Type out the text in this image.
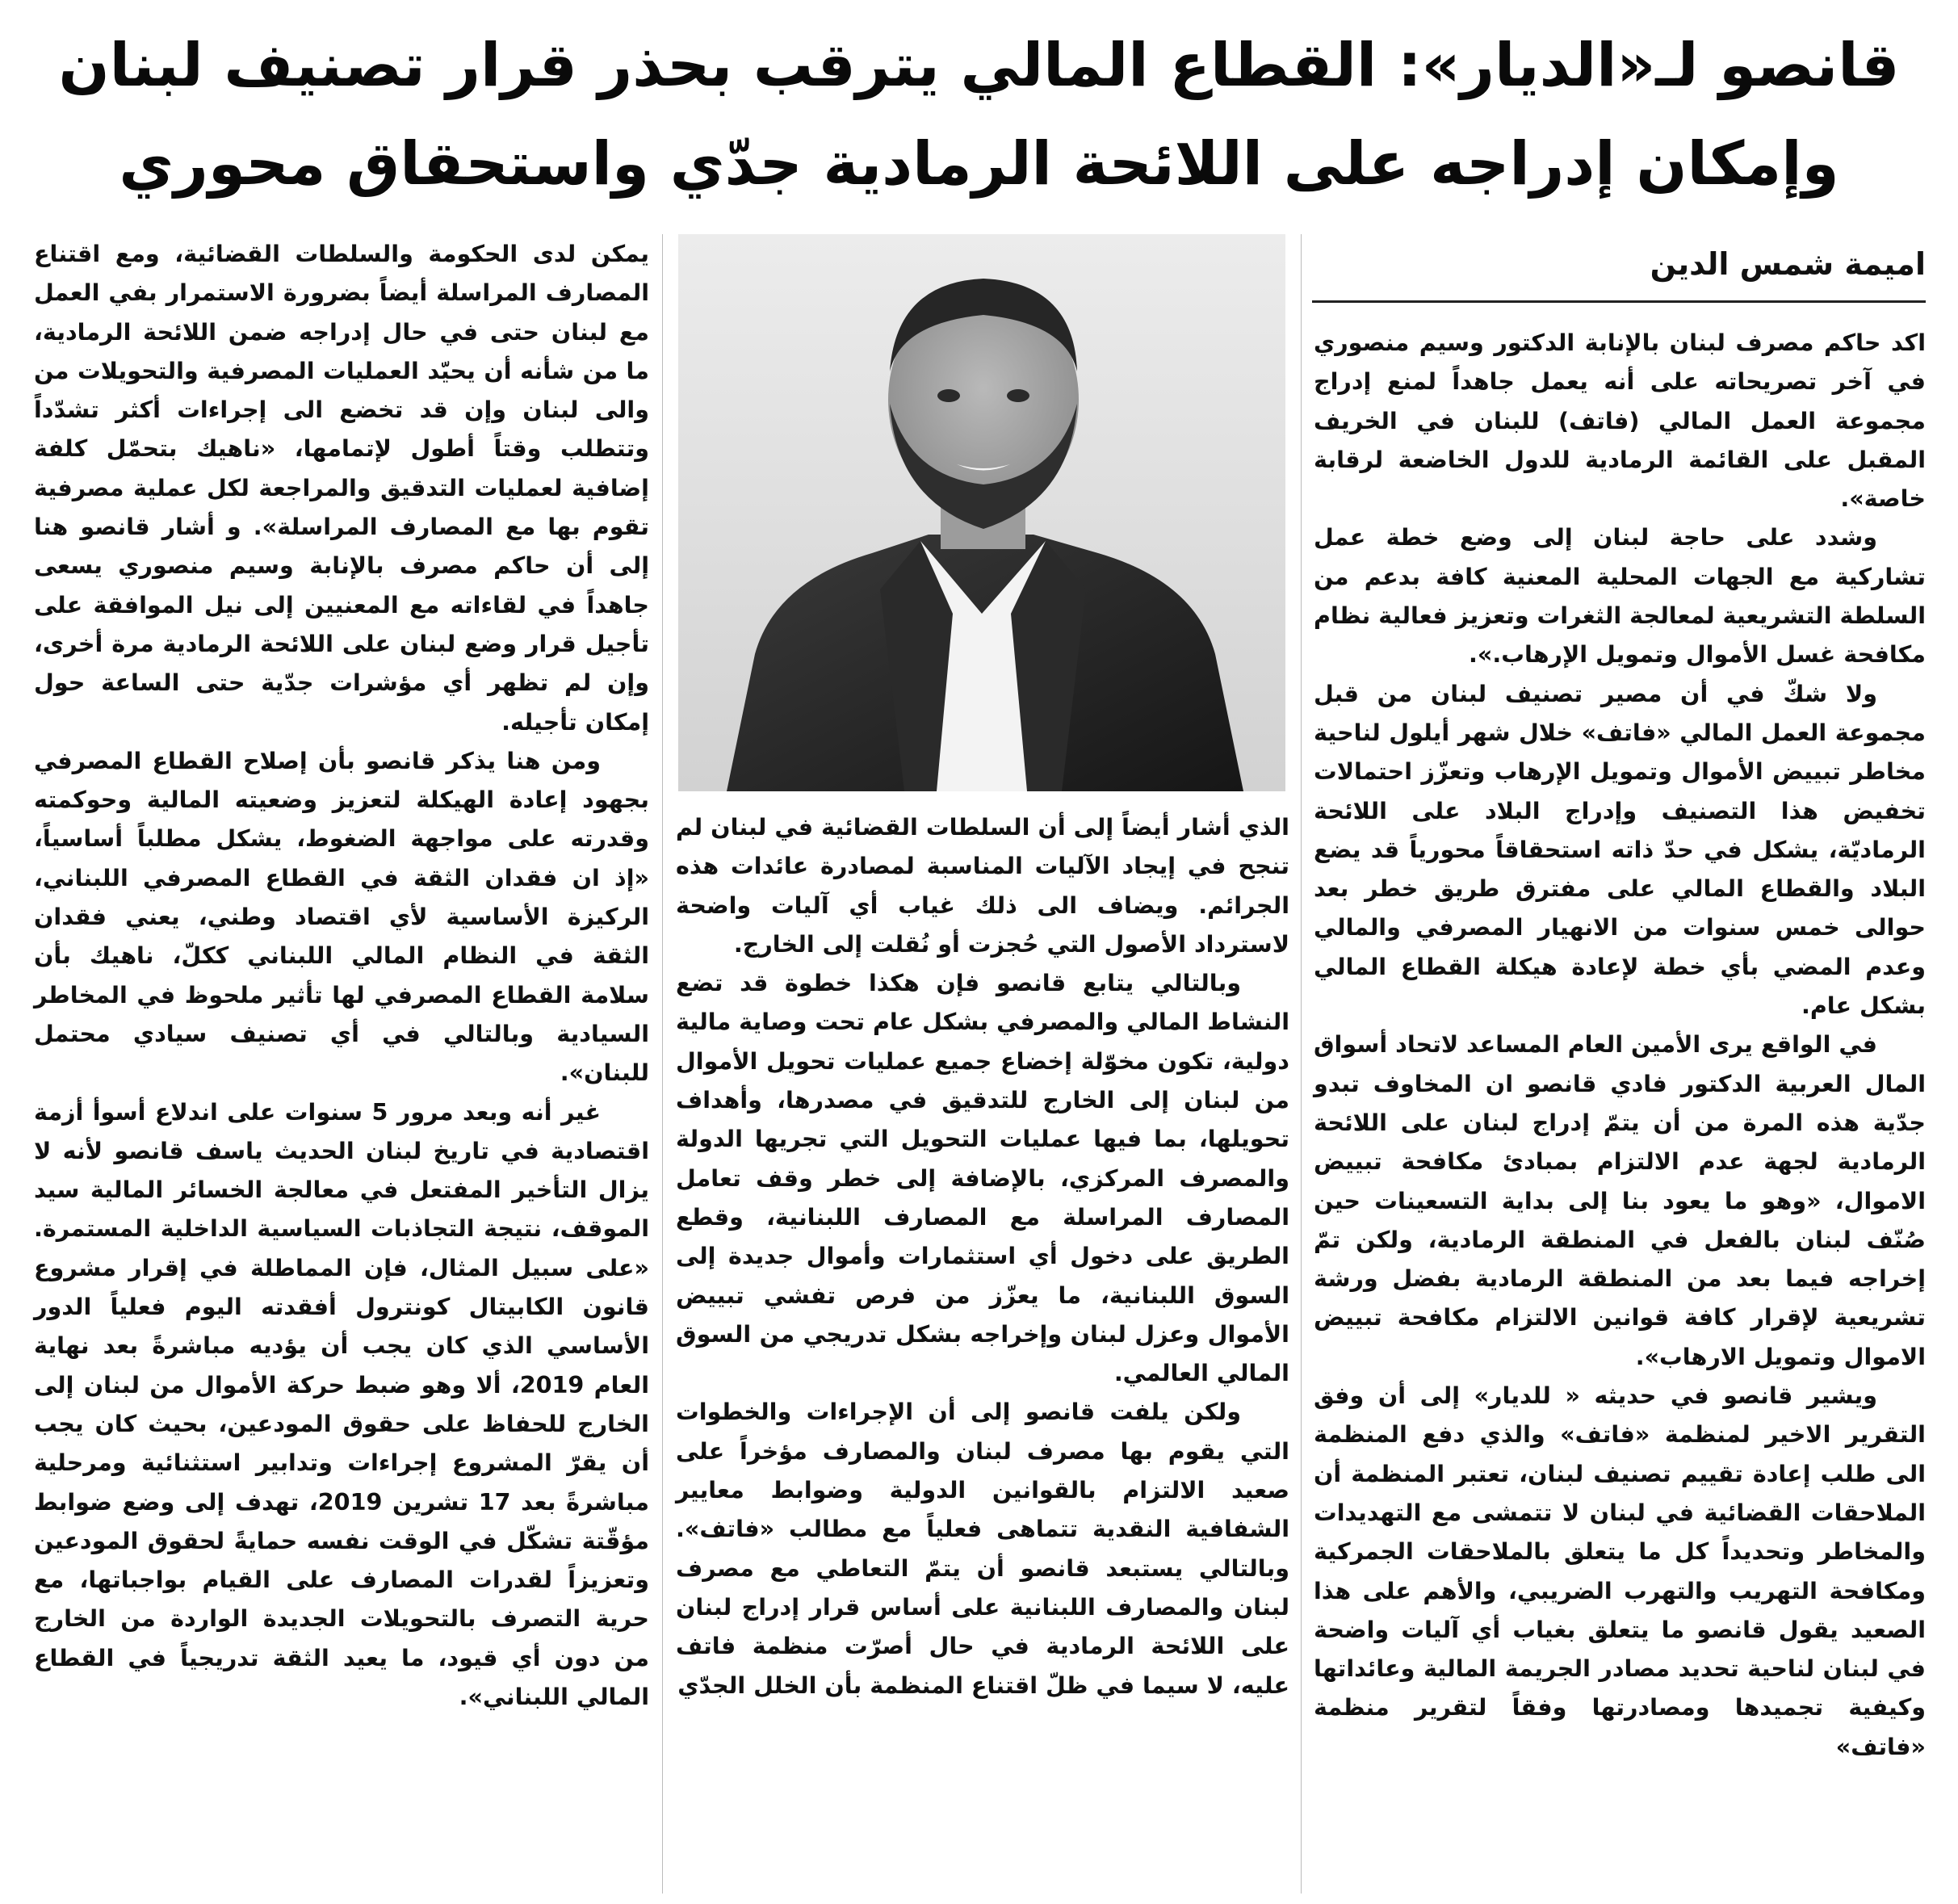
قانصو لـ«الديار»: القطاع المالي يترقب بحذر قرار تصنيف لبنان
وإمكان إدراجه على اللائحة الرمادية جدّي واستحقاق محوري
اميمة شمس الدين

اكد حاكم مصرف لبنان بالإنابة الدكتور وسيم منصوري في آخر تصريحاته على أنه يعمل جاهداً لمنع إدراج مجموعة العمل المالي (فاتف) للبنان في الخريف المقبل على القائمة الرمادية للدول الخاضعة لرقابة خاصة».

وشدد على حاجة لبنان إلى وضع خطة عمل تشاركية مع الجهات المحلية المعنية كافة بدعم من السلطة التشريعية لمعالجة الثغرات وتعزيز فعالية نظام مكافحة غسل الأموال وتمويل الإرهاب.».

ولا شكّ في أن مصير تصنيف لبنان من قبل مجموعة العمل المالي «فاتف» خلال شهر أيلول لناحية مخاطر تبييض الأموال وتمويل الإرهاب وتعزّز احتمالات تخفيض هذا التصنيف وإدراج البلاد على اللائحة الرماديّة، يشكل في حدّ ذاته استحقاقاً محورياً قد يضع البلاد والقطاع المالي على مفترق طريق خطر بعد حوالى خمس سنوات من الانهيار المصرفي والمالي وعدم المضي بأي خطة لإعادة هيكلة القطاع المالي بشكل عام.

في الواقع يرى الأمين العام المساعد لاتحاد أسواق المال العربية الدكتور فادي قانصو ان المخاوف تبدو جدّية هذه المرة من أن يتمّ إدراج لبنان على اللائحة الرمادية لجهة عدم الالتزام بمبادئ مكافحة تبييض الاموال، «وهو ما يعود بنا إلى بداية التسعينات حين صُنّف لبنان بالفعل في المنطقة الرمادية، ولكن تمّ إخراجه فيما بعد من المنطقة الرمادية بفضل ورشة تشريعية لإقرار كافة قوانين الالتزام مكافحة تبييض الاموال وتمويل الارهاب».

ويشير قانصو في حديثه « للديار» إلى أن وفق التقرير الاخير لمنظمة «فاتف» والذي دفع المنظمة الى طلب إعادة تقييم تصنيف لبنان، تعتبر المنظمة أن الملاحقات القضائية في لبنان لا تتمشى مع التهديدات والمخاطر وتحديداً كل ما يتعلق بالملاحقات الجمركية ومكافحة التهريب والتهرب الضريبي، والأهم على هذا الصعيد يقول قانصو ما يتعلق بغياب أي آليات واضحة في لبنان لناحية تحديد مصادر الجريمة المالية وعائداتها وكيفية تجميدها ومصادرتها وفقاً لتقرير منظمة «فاتف»

الذي أشار أيضاً إلى أن السلطات القضائية في لبنان لم تنجح في إيجاد الآليات المناسبة لمصادرة عائدات هذه الجرائم. ويضاف الى ذلك غياب أي آليات واضحة لاسترداد الأصول التي حُجزت أو نُقلت إلى الخارج.

وبالتالي يتابع قانصو فإن هكذا خطوة قد تضع النشاط المالي والمصرفي بشكل عام تحت وصاية مالية دولية، تكون مخوّلة إخضاع جميع عمليات تحويل الأموال من لبنان إلى الخارج للتدقيق في مصدرها، وأهداف تحويلها، بما فيها عمليات التحويل التي تجريها الدولة والمصرف المركزي، بالإضافة إلى خطر وقف تعامل المصارف المراسلة مع المصارف اللبنانية، وقطع الطريق على دخول أي استثمارات وأموال جديدة إلى السوق اللبنانية، ما يعزّز من فرص تفشي تبييض الأموال وعزل لبنان وإخراجه بشكل تدريجي من السوق المالي العالمي.

ولكن يلفت قانصو إلى أن الإجراءات والخطوات التي يقوم بها مصرف لبنان والمصارف مؤخراً على صعيد الالتزام بالقوانين الدولية وضوابط معايير الشفافية النقدية تتماهى فعلياً مع مطالب «فاتف». وبالتالي يستبعد قانصو أن يتمّ التعاطي مع مصرف لبنان والمصارف اللبنانية على أساس قرار إدراج لبنان على اللائحة الرمادية في حال أصرّت منظمة فاتف عليه، لا سيما في ظلّ اقتناع المنظمة بأن الخلل الجدّي

يمكن لدى الحكومة والسلطات القضائية، ومع اقتناع المصارف المراسلة أيضاً بضرورة الاستمرار بفي العمل مع لبنان حتى في حال إدراجه ضمن اللائحة الرمادية، ما من شأنه أن يحيّد العمليات المصرفية والتحويلات من والى لبنان وإن قد تخضع الى إجراءات أكثر تشدّداً وتتطلب وقتاً أطول لإتمامها، «ناهيك بتحمّل كلفة إضافية لعمليات التدقيق والمراجعة لكل عملية مصرفية تقوم بها مع المصارف المراسلة». و أشار قانصو هنا إلى أن حاكم مصرف بالإنابة وسيم منصوري يسعى جاهداً في لقاءاته مع المعنيين إلى نيل الموافقة على تأجيل قرار وضع لبنان على اللائحة الرمادية مرة أخرى، وإن لم تظهر أي مؤشرات جدّية حتى الساعة حول إمكان تأجيله.

ومن هنا يذكر قانصو بأن إصلاح القطاع المصرفي بجهود إعادة الهيكلة لتعزيز وضعيته المالية وحوكمته وقدرته على مواجهة الضغوط، يشكل مطلباً أساسياً، «إذ ان فقدان الثقة في القطاع المصرفي اللبناني، الركيزة الأساسية لأي اقتصاد وطني، يعني فقدان الثقة في النظام المالي اللبناني ككلّ، ناهيك بأن سلامة القطاع المصرفي لها تأثير ملحوظ في المخاطر السيادية وبالتالي في أي تصنيف سيادي محتمل للبنان».

غير أنه وبعد مرور 5 سنوات على اندلاع أسوأ أزمة اقتصادية في تاريخ لبنان الحديث ياسف قانصو لأنه لا يزال التأخير المفتعل في معالجة الخسائر المالية سيد الموقف، نتيجة التجاذبات السياسية الداخلية المستمرة. «على سبيل المثال، فإن المماطلة في إقرار مشروع قانون الكابيتال كونترول أفقدته اليوم فعلياً الدور الأساسي الذي كان يجب أن يؤديه مباشرةً بعد نهاية العام 2019، ألا وهو ضبط حركة الأموال من لبنان إلى الخارج للحفاظ على حقوق المودعين، بحيث كان يجب أن يقرّ المشروع إجراءات وتدابير استثنائية ومرحلية مباشرةً بعد 17 تشرين 2019، تهدف إلى وضع ضوابط مؤقّتة تشكّل في الوقت نفسه حمايةً لحقوق المودعين وتعزيزاً لقدرات المصارف على القيام بواجباتها، مع حرية التصرف بالتحويلات الجديدة الواردة من الخارج من دون أي قيود، ما يعيد الثقة تدريجياً في القطاع المالي اللبناني».
